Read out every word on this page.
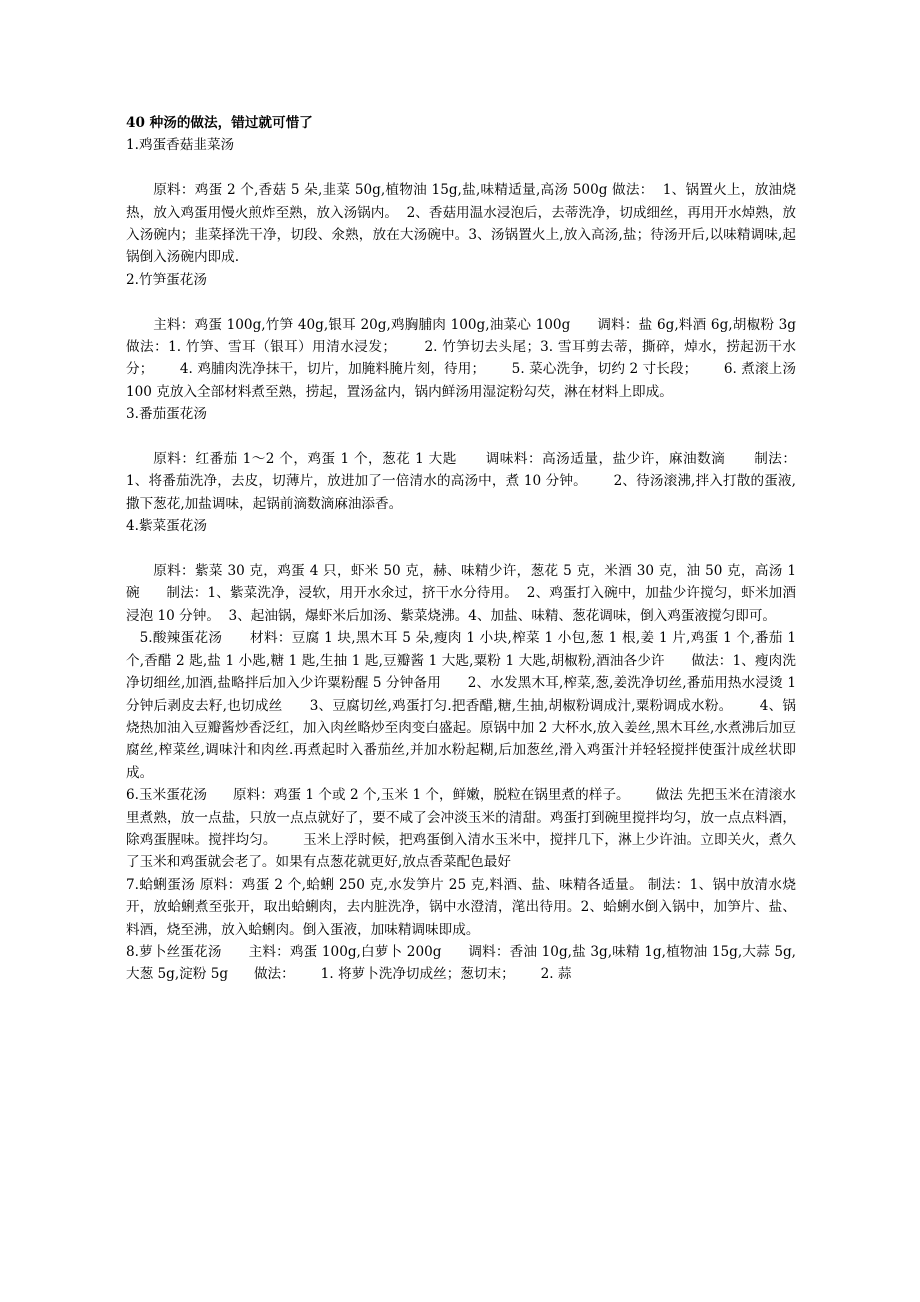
40 种汤的做法，错过就可惜了

1.鸡蛋香菇韭菜汤

原料：鸡蛋 2 个,香菇 5 朵,韭菜 50g,植物油 15g,盐,味精适量,高汤 500g 做法：  1、锅置火上，放油烧热，放入鸡蛋用慢火煎炸至熟，放入汤锅内。  2、香菇用温水浸泡后，去蒂洗净，切成细丝，再用开水焯熟，放入汤碗内；韭菜择洗干净，切段、氽熟，放在大汤碗中。3、汤锅置火上,放入高汤,盐；待汤开后,以味精调味,起锅倒入汤碗内即成.

2.竹笋蛋花汤

主料：鸡蛋 100g,竹笋 40g,银耳 20g,鸡胸脯肉 100g,油菜心 100g      调料：盐 6g,料酒 6g,胡椒粉 3g      做法：1. 竹笋、雪耳（银耳）用清水浸发；      2. 竹笋切去头尾；3. 雪耳剪去蒂，撕碎，焯水，捞起沥干水分；      4. 鸡脯肉洗净抹干，切片，加腌料腌片刻，待用；      5. 菜心洗争，切约 2 寸长段；      6. 煮滚上汤 100 克放入全部材料煮至熟，捞起，置汤盆内，锅内鲜汤用湿淀粉勾芡，淋在材料上即成。

3.番茄蛋花汤

原料：红番茄 1～2 个，鸡蛋 1 个，葱花 1 大匙      调味料：高汤适量，盐少许，麻油数滴      制法：      1、将番茄洗净，去皮，切薄片，放进加了一倍清水的高汤中，煮 10 分钟。      2、待汤滚沸,拌入打散的蛋液,撒下葱花,加盐调味，起锅前滴数滴麻油添香。

4.紫菜蛋花汤

原料：紫菜 30 克，鸡蛋 4 只，虾米 50 克，赫、味精少许，葱花 5 克，米酒 30 克，油 50 克，高汤 1 碗      制法：1、紫菜洗净，浸软，用开水氽过，挤干水分待用。  2、鸡蛋打入碗中，加盐少许搅匀，虾米加酒浸泡 10 分钟。  3、起油锅，爆虾米后加汤、紫菜烧沸。4、加盐、味精、葱花调味，倒入鸡蛋液搅匀即可。

5.酸辣蛋花汤      材料：豆腐 1 块,黑木耳 5 朵,瘦肉 1 小块,榨菜 1 小包,葱 1 根,姜 1 片,鸡蛋 1 个,番茄 1 个,香醋 2 匙,盐 1 小匙,糖 1 匙,生抽 1 匙,豆瓣酱 1 大匙,粟粉 1 大匙,胡椒粉,酒油各少许      做法：1、瘦肉洗净切细丝,加酒,盐略拌后加入少许粟粉醒 5 分钟备用      2、水发黑木耳,榨菜,葱,姜洗净切丝,番茄用热水浸烫 1 分钟后剥皮去籽,也切成丝      3、豆腐切丝,鸡蛋打匀.把香醋,糖,生抽,胡椒粉调成汁,粟粉调成水粉。      4、锅烧热加油入豆瓣酱炒香泛红，加入肉丝略炒至肉变白盛起。原锅中加 2 大杯水,放入姜丝,黑木耳丝,水煮沸后加豆腐丝,榨菜丝,调味汁和肉丝.再煮起时入番茄丝,并加水粉起糊,后加葱丝,滑入鸡蛋汁并轻轻搅拌使蛋汁成丝状即成。

6.玉米蛋花汤      原料：鸡蛋 1 个或 2 个,玉米 1 个，鲜嫩，脱粒在锅里煮的样子。      做法 先把玉米在清滚水里煮熟，放一点盐，只放一点点就好了，要不咸了会冲淡玉米的清甜。鸡蛋打到碗里搅拌均匀，放一点点料酒，除鸡蛋腥味。搅拌均匀。      玉米上浮时候，把鸡蛋倒入清水玉米中，搅拌几下，淋上少许油。立即关火，煮久了玉米和鸡蛋就会老了。如果有点葱花就更好,放点香菜配色最好

7.蛤蜊蛋汤 原料：鸡蛋 2 个,蛤蜊 250 克,水发笋片 25 克,料酒、盐、味精各适量。 制法：1、锅中放清水烧开，放蛤蜊煮至张开，取出蛤蜊肉，去内脏洗净，锅中水澄清，滗出待用。2、蛤蜊水倒入锅中，加笋片、盐、料酒，烧至沸，放入蛤蜊肉。倒入蛋液，加味精调味即成。

8.萝卜丝蛋花汤      主料：鸡蛋 100g,白萝卜 200g      调料：香油 10g,盐 3g,味精 1g,植物油 15g,大蒜 5g,大葱 5g,淀粉 5g      做法：      1. 将萝卜洗净切成丝；葱切末；      2. 蒜
